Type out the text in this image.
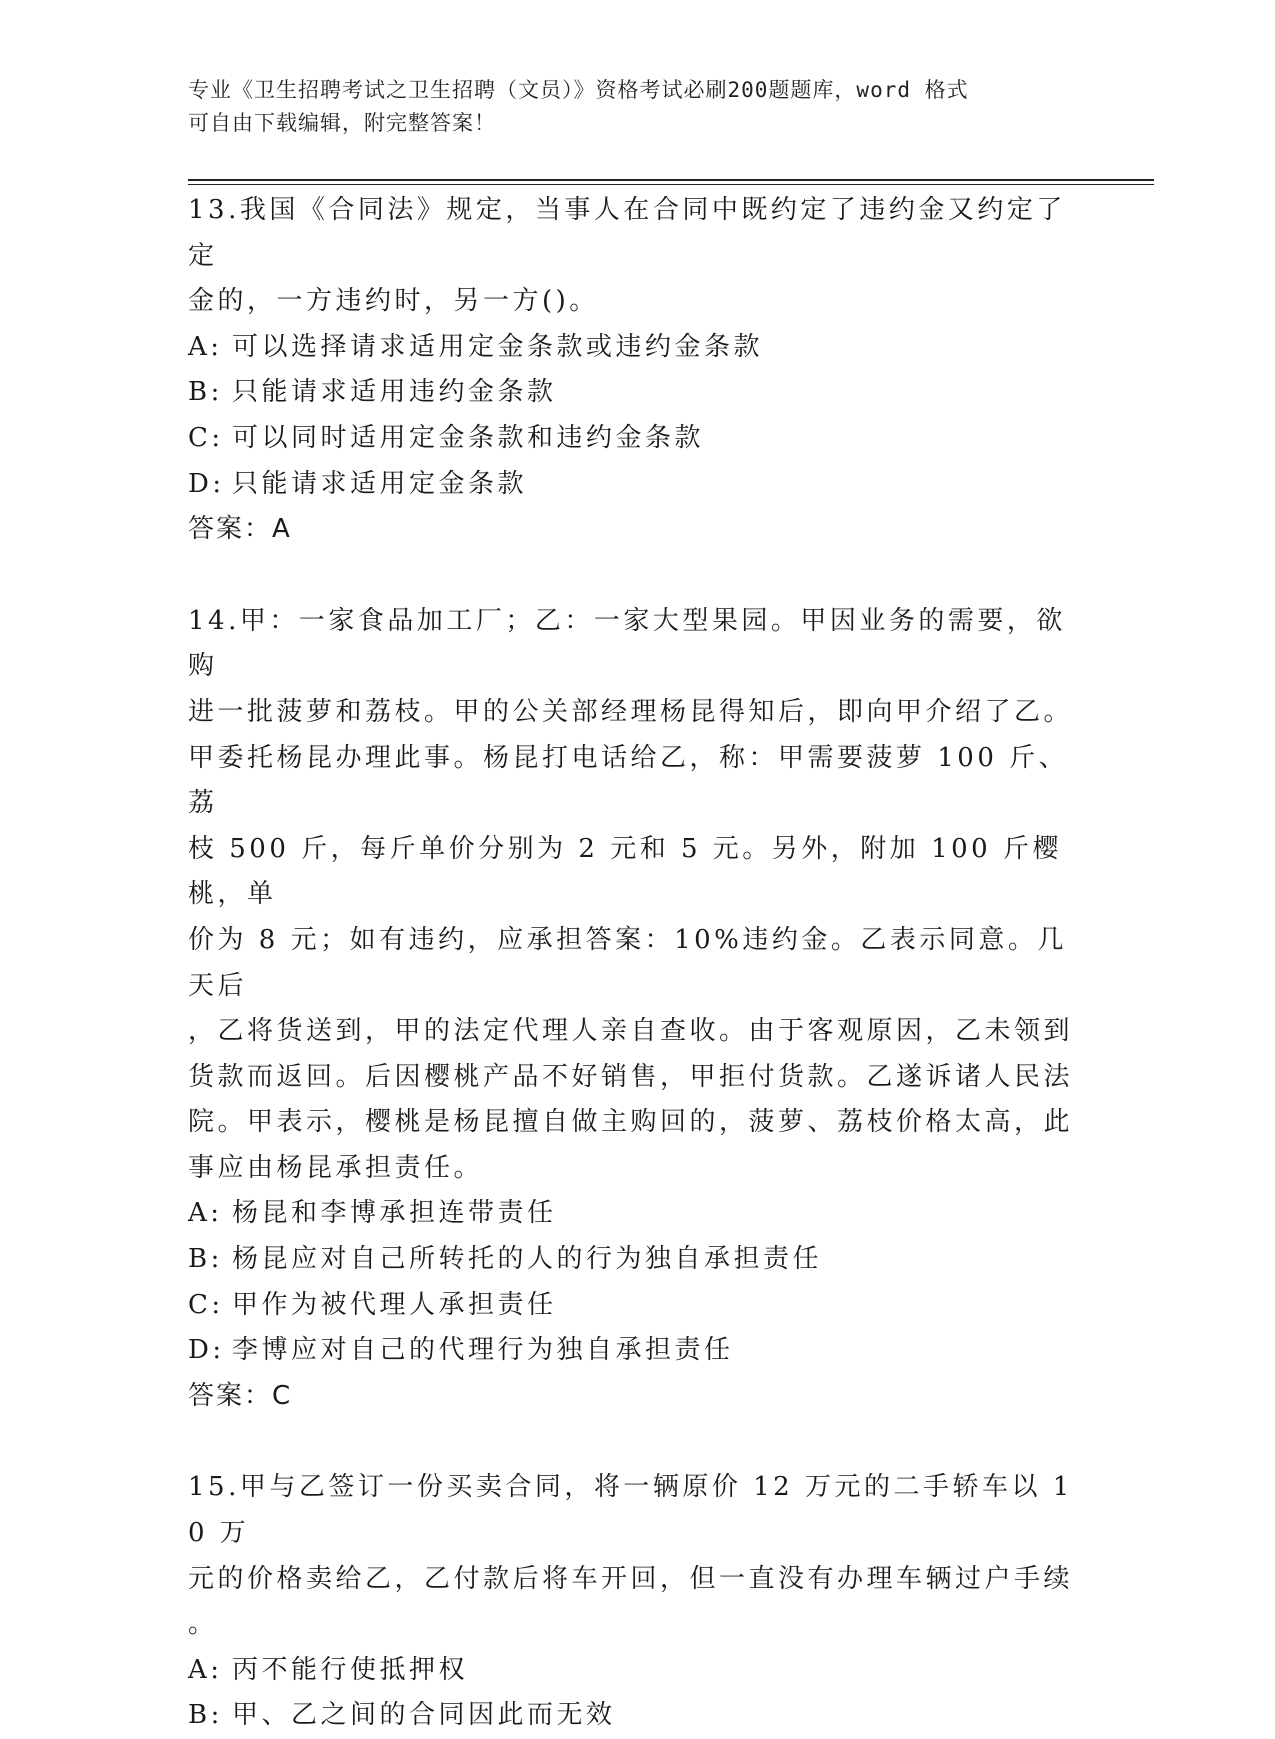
专业《卫生招聘考试之卫生招聘（文员）》资格考试必刷200题题库，word 格式
可自由下载编辑，附完整答案！

13.我国《合同法》规定，当事人在合同中既约定了违约金又约定了定

金的，一方违约时，另一方()。

A: 可以选择请求适用定金条款或违约金条款

B: 只能请求适用违约金条款

C: 可以同时适用定金条款和违约金条款

D: 只能请求适用定金条款

答案：A

14.甲：一家食品加工厂；乙：一家大型果园。甲因业务的需要，欲购

进一批菠萝和荔枝。甲的公关部经理杨昆得知后，即向甲介绍了乙。

甲委托杨昆办理此事。杨昆打电话给乙，称：甲需要菠萝 100 斤、荔

枝 500 斤，每斤单价分别为 2 元和 5 元。另外，附加 100 斤樱桃，单

价为 8 元；如有违约，应承担答案：10%违约金。乙表示同意。几天后

，乙将货送到，甲的法定代理人亲自查收。由于客观原因，乙未领到

货款而返回。后因樱桃产品不好销售，甲拒付货款。乙遂诉诸人民法

院。甲表示，樱桃是杨昆擅自做主购回的，菠萝、荔枝价格太高，此

事应由杨昆承担责任。

A: 杨昆和李博承担连带责任

B: 杨昆应对自己所转托的人的行为独自承担责任

C: 甲作为被代理人承担责任

D: 李博应对自己的代理行为独自承担责任

答案：C

15.甲与乙签订一份买卖合同，将一辆原价 12 万元的二手轿车以 10 万

元的价格卖给乙，乙付款后将车开回，但一直没有办理车辆过户手续

。

A: 丙不能行使抵押权

B: 甲、乙之间的合同因此而无效
